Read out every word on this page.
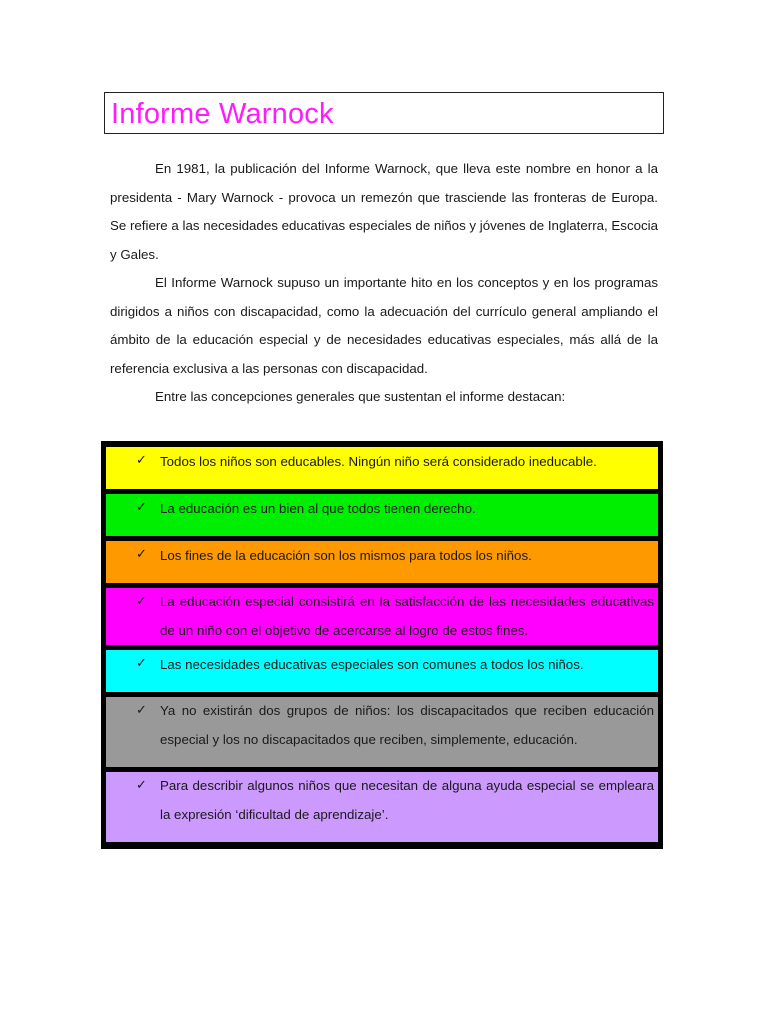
Informe Warnock

En 1981, la publicación del Informe Warnock, que lleva este nombre en honor a la presidenta - Mary Warnock - provoca un remezón que trasciende las fronteras de Europa. Se refiere a las necesidades educativas especiales de niños y jóvenes de Inglaterra, Escocia y Gales.

El Informe Warnock supuso un importante hito en los conceptos y en los programas dirigidos a niños con discapacidad, como la adecuación del currículo general ampliando el ámbito de la educación especial y de necesidades educativas especiales, más allá de la referencia exclusiva a las personas con discapacidad.

Entre las concepciones generales que sustentan el informe destacan:

✓ Todos los niños son educables. Ningún niño será considerado ineducable.
✓ La educación es un bien al que todos tienen derecho.
✓ Los fines de la educación son los mismos para todos los niños.
✓ La educación especial consistirá en la satisfacción de las necesidades educativas de un niño con el objetivo de acercarse al logro de estos fines.
✓ Las necesidades educativas especiales son comunes a todos los niños.
✓ Ya no existirán dos grupos de niños: los discapacitados que reciben educación especial y los no discapacitados que reciben, simplemente, educación.
✓ Para describir algunos niños que necesitan de alguna ayuda especial se empleara la expresión ‘dificultad de aprendizaje’.
